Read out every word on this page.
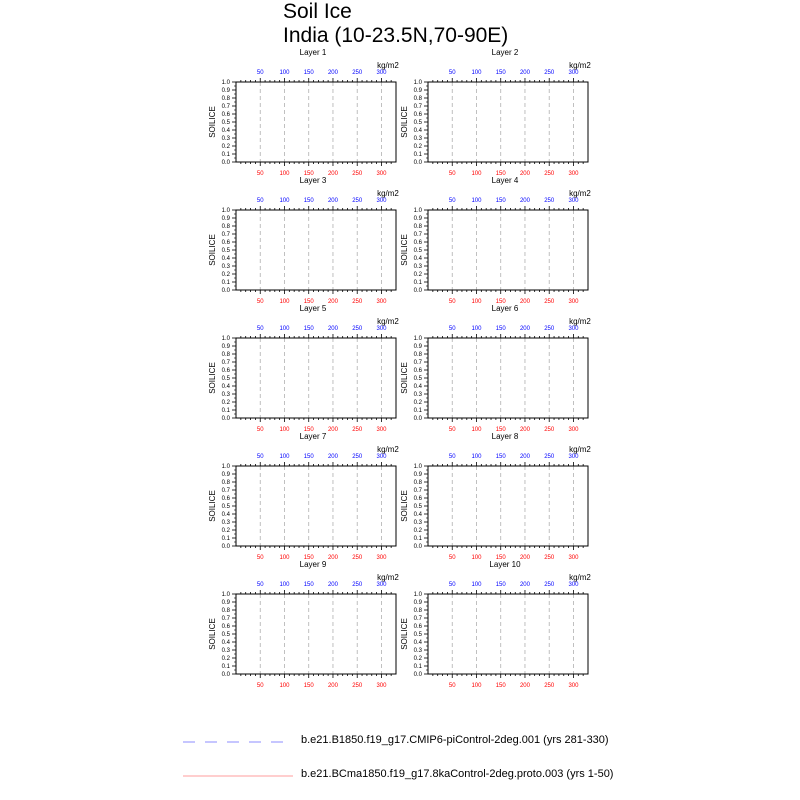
Soil Ice
India (10-23.5N,70-90E)
Layer 1
kg/m2
0.0
0.1
0.2
0.3
0.4
0.5
0.6
0.7
0.8
0.9
1.0
50	100 150 200 250 300
50	100 150 200 250 300
SOILICE
Layer 2
kg/m2
0.0
0.1
0.2
0.3
0.4
0.5
0.6
0.7
0.8
0.9
1.0
50	100 150 200 250 300
50	100 150 200 250 300
SOILICE
Layer 3
kg/m2
0.0
0.1
0.2
0.3
0.4
0.5
0.6
0.7
0.8
0.9
1.0
50	100 150 200 250 300
50	100 150 200 250 300
SOILICE
Layer 4
kg/m2
0.0
0.1
0.2
0.3
0.4
0.5
0.6
0.7
0.8
0.9
1.0
50	100 150 200 250 300
50	100 150 200 250 300
SOILICE
Layer 5
kg/m2
0.0
0.1
0.2
0.3
0.4
0.5
0.6
0.7
0.8
0.9
1.0
50	100 150 200 250 300
50	100 150 200 250 300
SOILICE
Layer 6
kg/m2
0.0
0.1
0.2
0.3
0.4
0.5
0.6
0.7
0.8
0.9
1.0
50	100 150 200 250 300
50	100 150 200 250 300
SOILICE
Layer 7
kg/m2
0.0
0.1
0.2
0.3
0.4
0.5
0.6
0.7
0.8
0.9
1.0
50	100 150 200 250 300
50	100 150 200 250 300
SOILICE
Layer 8
kg/m2
0.0
0.1
0.2
0.3
0.4
0.5
0.6
0.7
0.8
0.9
1.0
50	100 150 200 250 300
50	100 150 200 250 300
SOILICE
Layer 9
kg/m2
0.0
0.1
0.2
0.3
0.4
0.5
0.6
0.7
0.8
0.9
1.0
50	100 150 200 250 300
50	100 150 200 250 300
SOILICE
Layer 10
kg/m2
0.0
0.1
0.2
0.3
0.4
0.5
0.6
0.7
0.8
0.9
1.0
50	100 150 200 250 300
50	100 150 200 250 300
SOILICE
b.e21.B1850.f19_g17.CMIP6-piControl-2deg.001 (yrs 281-330)
b.e21.BCma1850.f19_g17.8kaControl-2deg.proto.003 (yrs 1-50)
